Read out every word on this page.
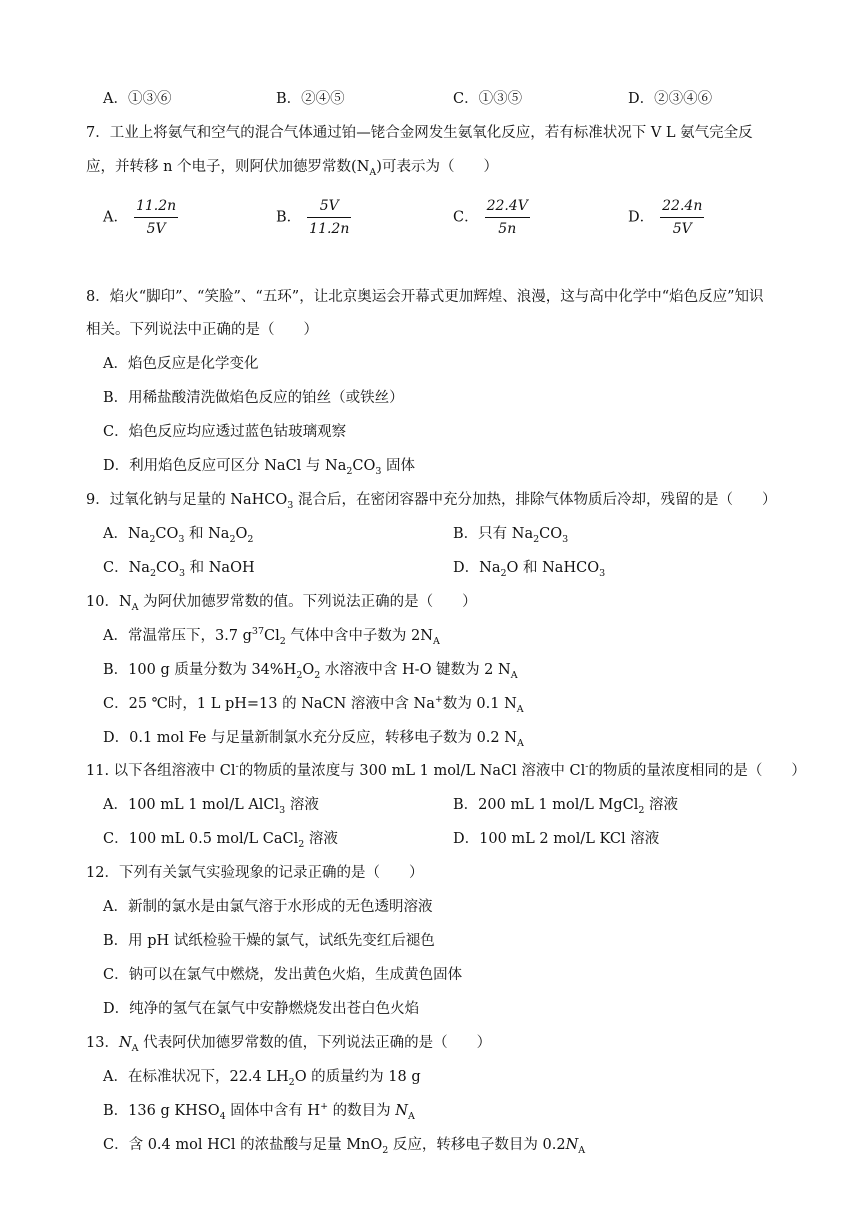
A．①③⑥	B．②④⑤	C．①③⑤	D．②③④⑥
7．工业上将氨气和空气的混合气体通过铂—铑合金网发生氨氧化反应，若有标准状况下 V L 氨气完全反
应，并转移 n 个电子，则阿伏加德罗常数$(N_A)$可表示为（　　）
A． $\frac{11.2n}{5V}$	B． $\frac{5V}{11.2n}$	C． $\frac{22.4V}{5n}$	D． $\frac{22.4n}{5V}$
8．焰火“脚印”、“笑脸”、“五环”，让北京奥运会开幕式更加辉煌、浪漫，这与高中化学中“焰色反应”知识
相关。下列说法中正确的是（　　）
A．焰色反应是化学变化
B．用稀盐酸清洗做焰色反应的铂丝（或铁丝）
C．焰色反应均应透过蓝色钴玻璃观察
D．利用焰色反应可区分 NaCl 与 $Na_2CO_3$ 固体
9．过氧化钠与足量的 NaHCO$_3$ 混合后，在密闭容器中充分加热，排除气体物质后冷却，残留的是（　　）
A．$Na_2CO_3$ 和 $Na_2O_2$	B．只有 $Na_2CO_3$
C．$Na_2CO_3$ 和 NaOH	D．$Na_2O$ 和 NaHCO$_3$
10．$N_A$ 为阿伏加德罗常数的值。下列说法正确的是（　　）
A．常温常压下，3.7 $g^{37}Cl_2$ 气体中含中子数为 $2N_A$
B．100 g 质量分数为 $34\%H_2O_2$ 水溶液中含 H-O 键数为 2 $N_A$
C．25 ℃时，1 L pH=13 的 NaCN 溶液中含 Na+数为 0.1 $N_A$
D．0.1 mol Fe 与足量新制氯水充分反应，转移电子数为 0.2 $N_A$
11. 以下各组溶液中 Cl-的物质的量浓度与 300 mL 1 mol/L NaCl 溶液中 Cl-的物质的量浓度相同的是（　　）
A．100 mL 1 mol/L AlCl$_3$ 溶液	B．200 mL 1 mol/L MgCl$_2$ 溶液
C．100 mL 0.5 mol/L CaCl$_2$ 溶液	D．100 mL 2 mol/L KCl 溶液
12．下列有关氯气实验现象的记录正确的是（　　）
A．新制的氯水是由氯气溶于水形成的无色透明溶液
B．用 pH 试纸检验干燥的氯气，试纸先变红后褪色
C．钠可以在氯气中燃烧，发出黄色火焰，生成黄色固体
D．纯净的氢气在氯气中安静燃烧发出苍白色火焰
13．$N_A$ 代表阿伏加德罗常数的值，下列说法正确的是（　　）
A．在标准状况下，22.4 $LH_2O$ 的质量约为 18 g
B．136 g $KHSO_4$ 固体中含有 H+ 的数目为 $N_A$
C．含 0.4 mol HCl 的浓盐酸与足量 MnO$_2$ 反应，转移电子数目为 $0.2N_A$
